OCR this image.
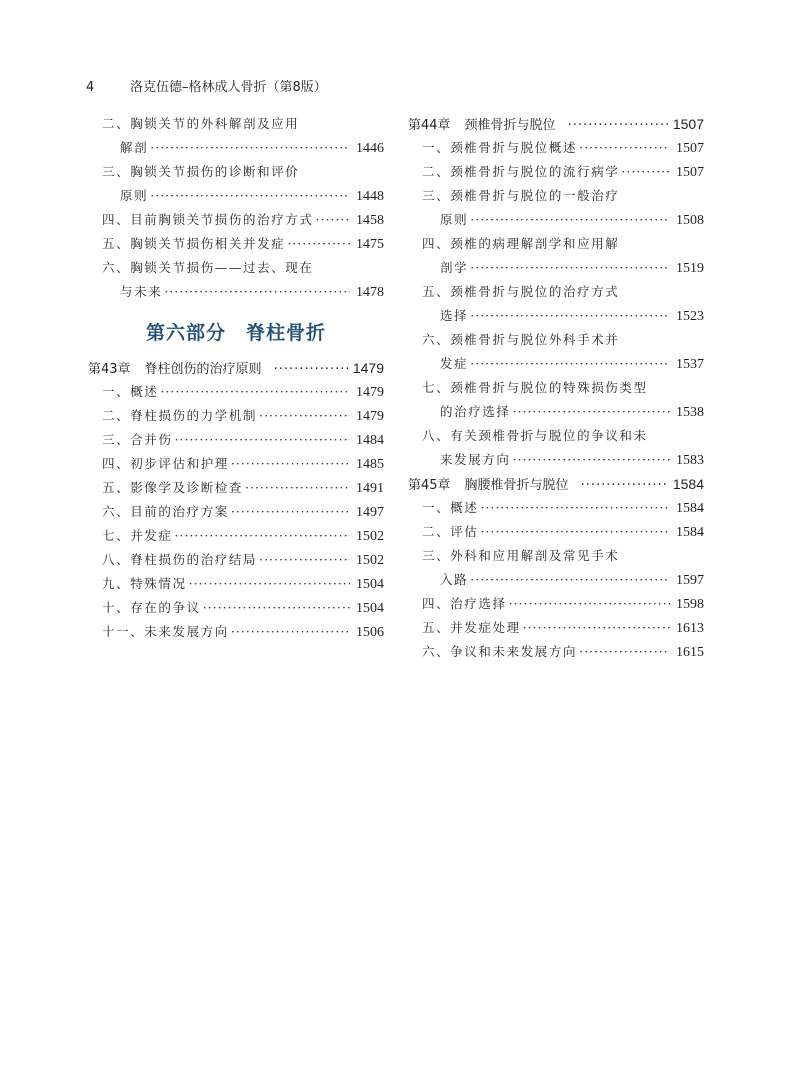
4	洛克伍德–格林成人骨折（第8版）
二、胸锁关节的外科解剖及应用
解剖 ·····	1446
三、胸锁关节损伤的诊断和评价
原则 ·····	1448
四、目前胸锁关节损伤的治疗方式 ·····	1458
五、胸锁关节损伤相关并发症 ·····	1475
六、胸锁关节损伤——过去、现在
与未来 ·····	1478
第六部分 脊柱骨折
第43章 脊柱创伤的治疗原则 ·····	1479
一、概述 ·····	1479
二、脊柱损伤的力学机制 ·····	1479
三、合并伤 ·····	1484
四、初步评估和护理 ·····	1485
五、影像学及诊断检查 ·····	1491
六、目前的治疗方案 ·····	1497
七、并发症 ·····	1502
八、脊柱损伤的治疗结局 ·····	1502
九、特殊情况 ·····	1504
十、存在的争议 ·····	1504
十一、未来发展方向 ·····	1506
第44章 颈椎骨折与脱位 ·····	1507
一、颈椎骨折与脱位概述 ·····	1507
二、颈椎骨折与脱位的流行病学 ·····	1507
三、颈椎骨折与脱位的一般治疗
原则 ·····	1508
四、颈椎的病理解剖学和应用解
剖学 ·····	1519
五、颈椎骨折与脱位的治疗方式
选择 ·····	1523
六、颈椎骨折与脱位外科手术并
发症 ·····	1537
七、颈椎骨折与脱位的特殊损伤类型
的治疗选择 ·····	1538
八、有关颈椎骨折与脱位的争议和未
来发展方向 ·····	1583
第45章 胸腰椎骨折与脱位 ·····	1584
一、概述 ·····	1584
二、评估 ·····	1584
三、外科和应用解剖及常见手术
入路 ·····	1597
四、治疗选择 ·····	1598
五、并发症处理 ·····	1613
六、争议和未来发展方向 ·····	1615
